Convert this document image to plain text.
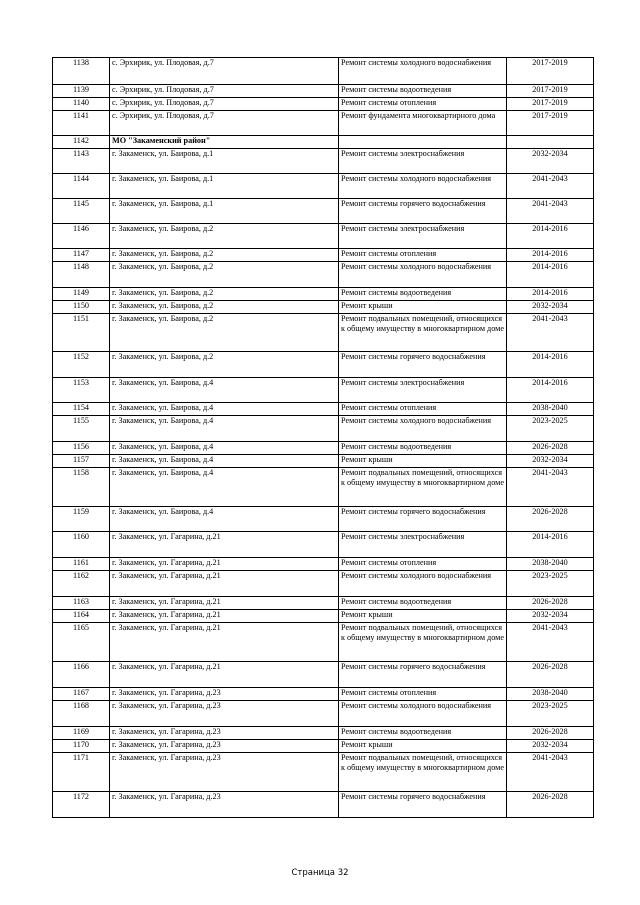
1138	с. Эрхирик, ул. Плодовая, д.7	Ремонт системы холодного водоснабжения	2017-2019
1139	с. Эрхирик, ул. Плодовая, д.7	Ремонт системы водоотведения	2017-2019
1140	с. Эрхирик, ул. Плодовая, д.7	Ремонт системы отопления	2017-2019
1141	с. Эрхирик, ул. Плодовая, д.7	Ремонт фундамента многоквартирного дома	2017-2019
1142	МО "Закаменский район"		
1143	г. Закаменск, ул. Баирова, д.1	Ремонт системы электроснабжения	2032-2034
1144	г. Закаменск, ул. Баирова, д.1	Ремонт системы холодного водоснабжения	2041-2043
1145	г. Закаменск, ул. Баирова, д.1	Ремонт системы горячего водоснабжения	2041-2043
1146	г. Закаменск, ул. Баирова, д.2	Ремонт системы электроснабжения	2014-2016
1147	г. Закаменск, ул. Баирова, д.2	Ремонт системы отопления	2014-2016
1148	г. Закаменск, ул. Баирова, д.2	Ремонт системы холодного водоснабжения	2014-2016
1149	г. Закаменск, ул. Баирова, д.2	Ремонт системы водоотведения	2014-2016
1150	г. Закаменск, ул. Баирова, д.2	Ремонт крыши	2032-2034
1151	г. Закаменск, ул. Баирова, д.2	Ремонт подвальных помещений, относящихся к общему имуществу в многоквартирном доме	2041-2043
1152	г. Закаменск, ул. Баирова, д.2	Ремонт системы горячего водоснабжения	2014-2016
1153	г. Закаменск, ул. Баирова, д.4	Ремонт системы электроснабжения	2014-2016
1154	г. Закаменск, ул. Баирова, д.4	Ремонт системы отопления	2038-2040
1155	г. Закаменск, ул. Баирова, д.4	Ремонт системы холодного водоснабжения	2023-2025
1156	г. Закаменск, ул. Баирова, д.4	Ремонт системы водоотведения	2026-2028
1157	г. Закаменск, ул. Баирова, д.4	Ремонт крыши	2032-2034
1158	г. Закаменск, ул. Баирова, д.4	Ремонт подвальных помещений, относящихся к общему имуществу в многоквартирном доме	2041-2043
1159	г. Закаменск, ул. Баирова, д.4	Ремонт системы горячего водоснабжения	2026-2028
1160	г. Закаменск, ул. Гагарина, д.21	Ремонт системы электроснабжения	2014-2016
1161	г. Закаменск, ул. Гагарина, д.21	Ремонт системы отопления	2038-2040
1162	г. Закаменск, ул. Гагарина, д.21	Ремонт системы холодного водоснабжения	2023-2025
1163	г. Закаменск, ул. Гагарина, д.21	Ремонт системы водоотведения	2026-2028
1164	г. Закаменск, ул. Гагарина, д.21	Ремонт крыши	2032-2034
1165	г. Закаменск, ул. Гагарина, д.21	Ремонт подвальных помещений, относящихся к общему имуществу в многоквартирном доме	2041-2043
1166	г. Закаменск, ул. Гагарина, д.21	Ремонт системы горячего водоснабжения	2026-2028
1167	г. Закаменск, ул. Гагарина, д.23	Ремонт системы отопления	2038-2040
1168	г. Закаменск, ул. Гагарина, д.23	Ремонт системы холодного водоснабжения	2023-2025
1169	г. Закаменск, ул. Гагарина, д.23	Ремонт системы водоотведения	2026-2028
1170	г. Закаменск, ул. Гагарина, д.23	Ремонт крыши	2032-2034
1171	г. Закаменск, ул. Гагарина, д.23	Ремонт подвальных помещений, относящихся к общему имуществу в многоквартирном доме	2041-2043
1172	г. Закаменск, ул. Гагарина, д.23	Ремонт системы горячего водоснабжения	2026-2028
Страница 32
